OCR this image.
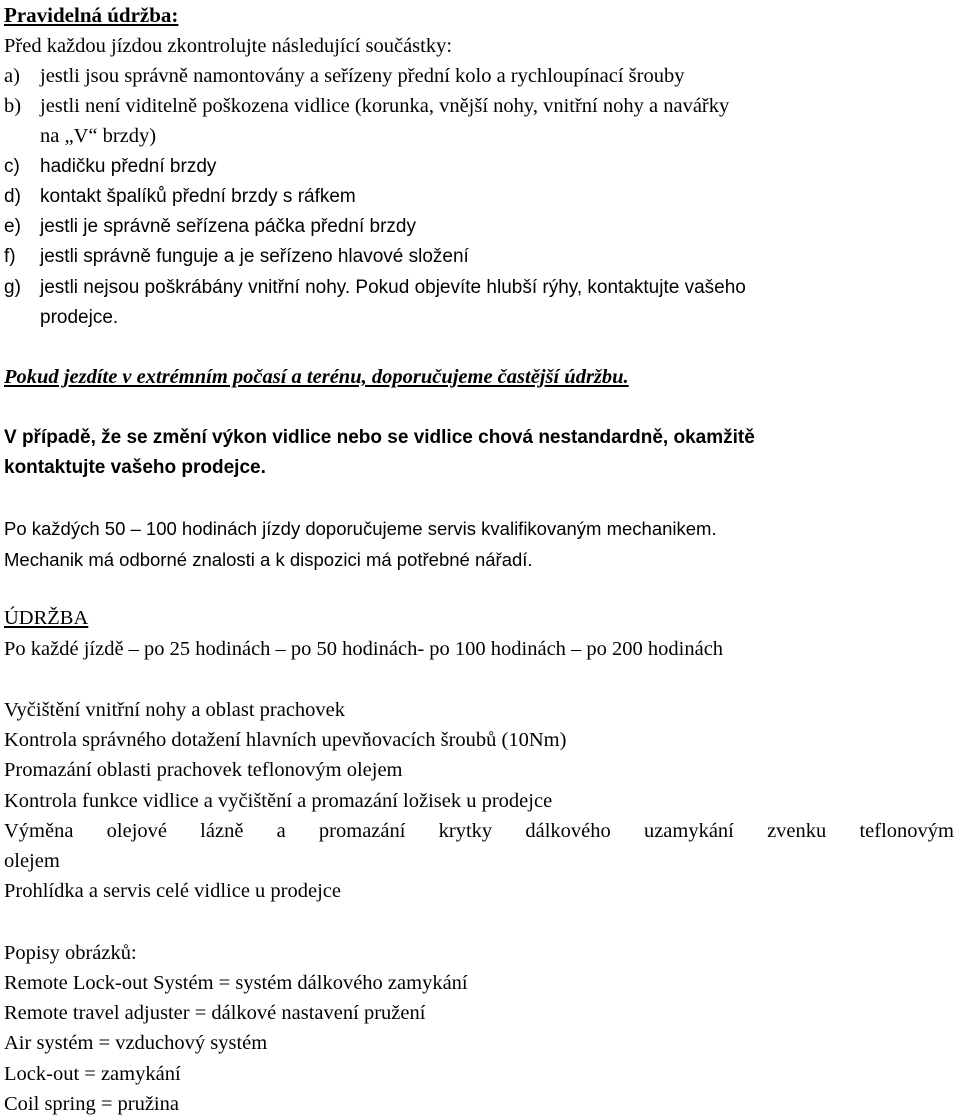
Pravidelná údržba:
Před každou jízdou zkontrolujte následující součástky:
a) jestli jsou správně namontovány a seřízeny přední kolo a rychloupínací šrouby
b) jestli není viditelně poškozena vidlice (korunka, vnější nohy, vnitřní nohy a navářky
na „V“ brzdy)
c) hadičku přední brzdy
d) kontakt špalíků přední brzdy s ráfkem
e) jestli je správně seřízena páčka přední brzdy
f) jestli správně funguje a je seřízeno hlavové složení
g) jestli nejsou poškrábány vnitřní nohy. Pokud objevíte hlubší rýhy, kontaktujte vašeho
prodejce.
Pokud jezdíte v extrémním počasí a terénu, doporučujeme častější údržbu.
V případě, že se změní výkon vidlice nebo se vidlice chová nestandardně, okamžitě
kontaktujte vašeho prodejce.
Po každých 50 – 100 hodinách jízdy doporučujeme servis kvalifikovaným mechanikem.
Mechanik má odborné znalosti a k dispozici má potřebné nářadí.
ÚDRŽBA
Po každé jízdě – po 25 hodinách – po 50 hodinách- po 100 hodinách – po 200 hodinách
Vyčištění vnitřní nohy a oblast prachovek
Kontrola správného dotažení hlavních upevňovacích šroubů (10Nm)
Promazání oblasti prachovek teflonovým olejem
Kontrola funkce vidlice a vyčištění a promazání ložisek u prodejce
Výměna olejové lázně a promazání krytky dálkového uzamykání zvenku teflonovým
olejem
Prohlídka a servis celé vidlice u prodejce
Popisy obrázků:
Remote Lock-out Systém = systém dálkového zamykání
Remote travel adjuster = dálkové nastavení pružení
Air systém = vzduchový systém
Lock-out = zamykání
Coil spring = pružina
